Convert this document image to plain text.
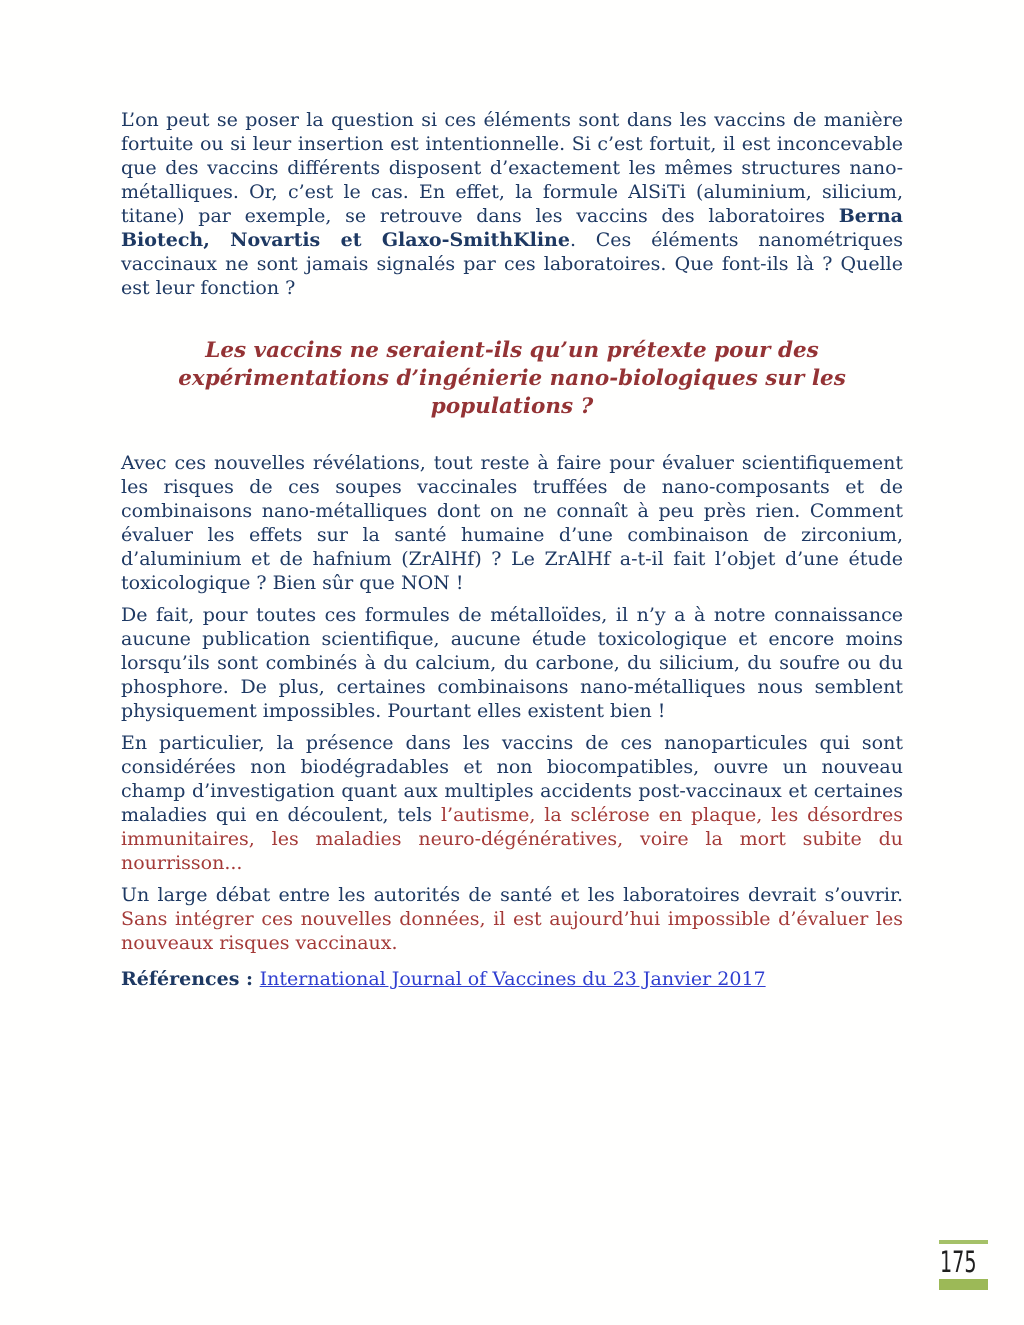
L’on peut se poser la question si ces éléments sont dans les vaccins de manière fortuite ou si leur insertion est intentionnelle. Si c’est fortuit, il est inconcevable que des vaccins différents disposent d’exactement les mêmes structures nano-métalliques. Or, c’est le cas. En effet, la formule AlSiTi (aluminium, silicium, titane) par exemple, se retrouve dans les vaccins des laboratoires Berna Biotech, Novartis et Glaxo-SmithKline. Ces éléments nanométriques vaccinaux ne sont jamais signalés par ces laboratoires. Que font-ils là ? Quelle est leur fonction ?

Les vaccins ne seraient-ils qu’un prétexte pour des expérimentations d’ingénierie nano-biologiques sur les populations ?

Avec ces nouvelles révélations, tout reste à faire pour évaluer scientifiquement les risques de ces soupes vaccinales truffées de nano-composants et de combinaisons nano-métalliques dont on ne connaît à peu près rien. Comment évaluer les effets sur la santé humaine d’une combinaison de zirconium, d’aluminium et de hafnium (ZrAlHf) ? Le ZrAlHf a-t-il fait l’objet d’une étude toxicologique ? Bien sûr que NON !

De fait, pour toutes ces formules de métalloïdes, il n’y a à notre connaissance aucune publication scientifique, aucune étude toxicologique et encore moins lorsqu’ils sont combinés à du calcium, du carbone, du silicium, du soufre ou du phosphore. De plus, certaines combinaisons nano-métalliques nous semblent physiquement impossibles. Pourtant elles existent bien !

En particulier, la présence dans les vaccins de ces nanoparticules qui sont considérées non biodégradables et non biocompatibles, ouvre un nouveau champ d’investigation quant aux multiples accidents post-vaccinaux et certaines maladies qui en découlent, tels l’autisme, la sclérose en plaque, les désordres immunitaires, les maladies neuro-dégénératives, voire la mort subite du nourrisson...

Un large débat entre les autorités de santé et les laboratoires devrait s’ouvrir. Sans intégrer ces nouvelles données, il est aujourd’hui impossible d’évaluer les nouveaux risques vaccinaux.

Références : International Journal of Vaccines du 23 Janvier 2017

175
